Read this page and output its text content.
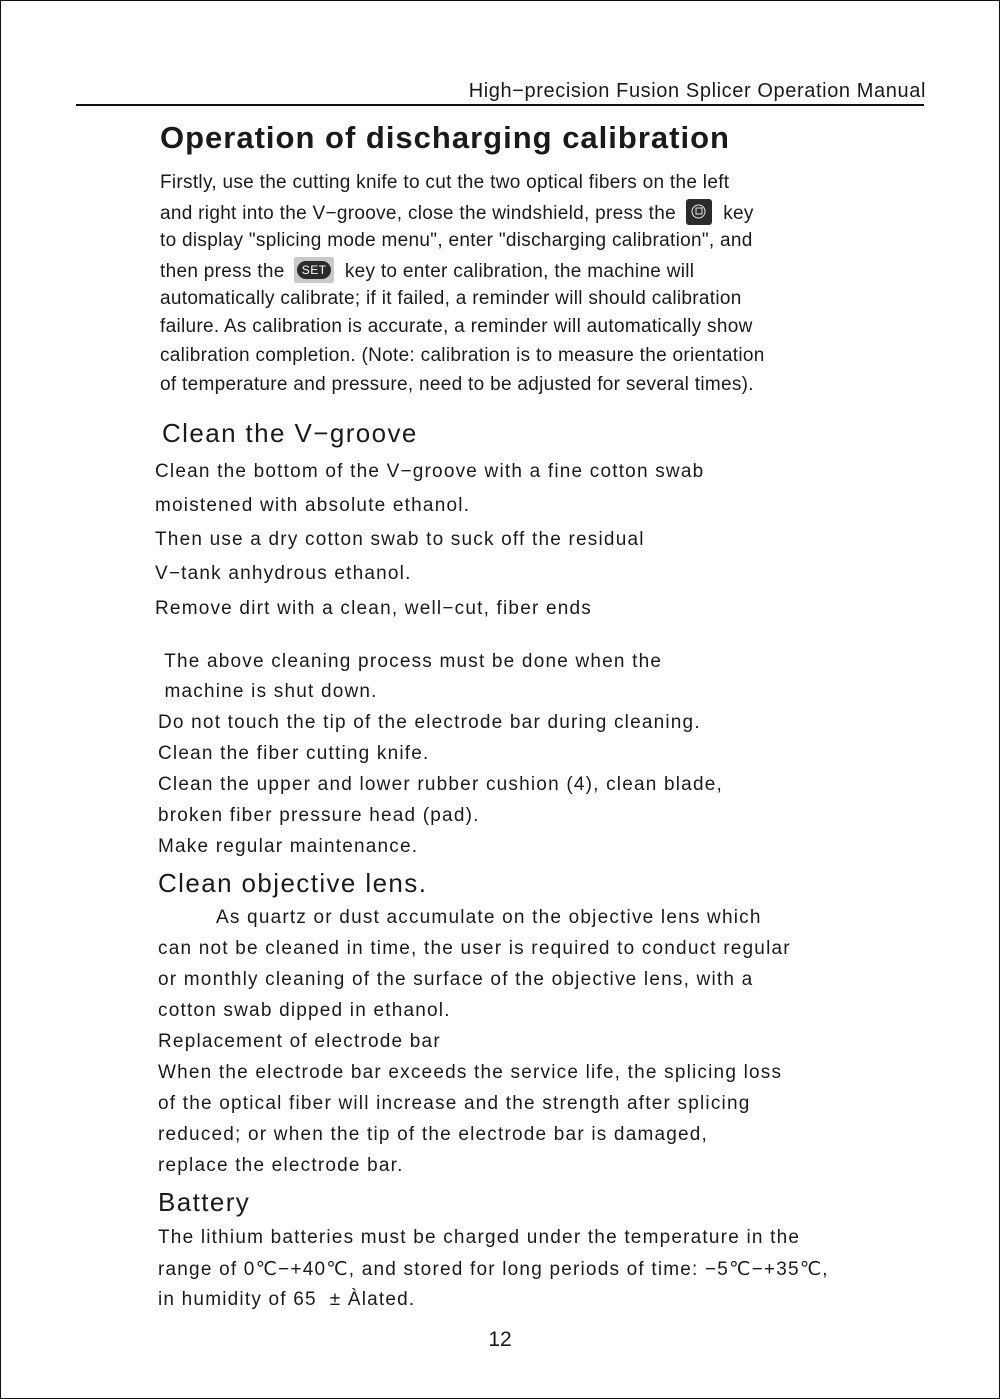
High−precision Fusion Splicer Operation Manual
Operation of discharging calibration
Firstly, use the cutting knife to cut the two optical fibers on the left
and right into the V−groove, close the windshield, press the key
to display "splicing mode menu", enter "discharging calibration", and
then press the	SET key to enter calibration, the machine will
automatically calibrate; if it failed, a reminder will should calibration
failure. As calibration is accurate, a reminder will automatically show
calibration completion. (Note: calibration is to measure the orientation
of temperature and pressure, need to be adjusted for several times).
Clean the V−groove
Clean the bottom of the V−groove with a fine cotton swab
moistened with absolute ethanol.
Then use a dry cotton swab to suck off the residual
V−tank anhydrous ethanol.
Remove dirt with a clean, well−cut, fiber ends
The above cleaning process must be done when the
machine is shut down.
Do not touch the tip of the electrode bar during cleaning.
Clean the fiber cutting knife.
Clean the upper and lower rubber cushion (4), clean blade,
broken fiber pressure head (pad).
Make regular maintenance.
Clean objective lens.
As quartz or dust accumulate on the objective lens which
can not be cleaned in time, the user is required to conduct regular
or monthly cleaning of the surface of the objective lens, with a
cotton swab dipped in ethanol.
Replacement of electrode bar
When the electrode bar exceeds the service life, the splicing loss
of the optical fiber will increase and the strength after splicing
reduced; or when the tip of the electrode bar is damaged,
replace the electrode bar.
Battery
The lithium batteries must be charged under the temperature in the
range of 0℃−+40℃, and stored for long periods of time: −5℃−+35℃,
in humidity of 65  ± Àlated.
12
